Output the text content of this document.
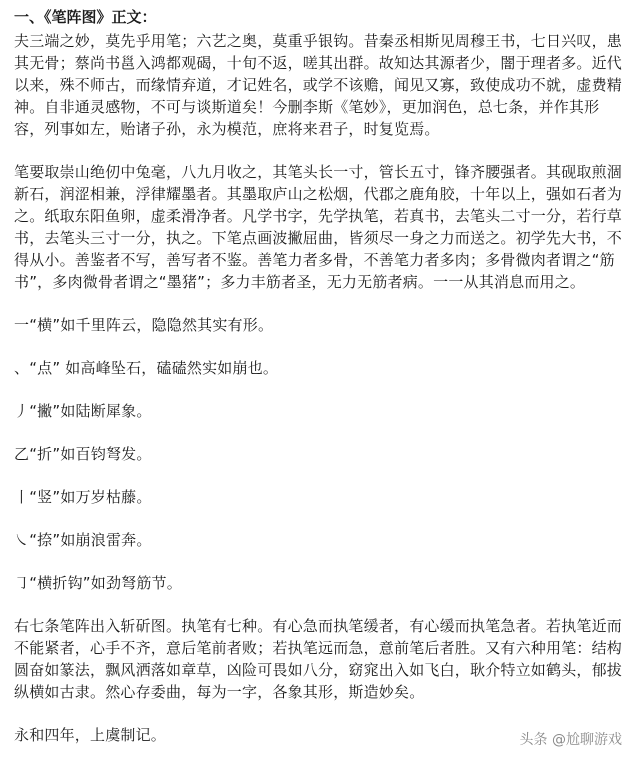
一、《笔阵图》正文：

夫三端之妙，莫先乎用笔；六艺之奥，莫重乎银钩。昔秦丞相斯见周穆王书，七日兴叹，患其无骨；蔡尚书邕入鸿都观碣，十旬不返，嗟其出群。故知达其源者少，闇于理者多。近代以来，殊不师古，而缘情弃道，才记姓名，或学不该赡，闻见又寡，致使成功不就，虚费精神。自非通灵感物，不可与谈斯道矣！今删李斯《笔妙》，更加润色，总七条，并作其形容，列事如左，贻诸子孙，永为模范，庶将来君子，时复览焉。

笔要取崇山绝仞中兔毫，八九月收之，其笔头长一寸，管长五寸，锋齐腰强者。其砚取煎涸新石，润涩相兼，浮律耀墨者。其墨取庐山之松烟，代郡之鹿角胶，十年以上，强如石者为之。纸取东阳鱼卵，虚柔滑净者。凡学书字，先学执笔，若真书，去笔头二寸一分，若行草书，去笔头三寸一分，执之。下笔点画波撇屈曲，皆须尽一身之力而送之。初学先大书，不得从小。善鉴者不写，善写者不鉴。善笔力者多骨，不善笔力者多肉；多骨微肉者谓之“筋书”，多肉微骨者谓之“墨猪”；多力丰筋者圣，无力无筋者病。一一从其消息而用之。

一“横”如千里阵云，隐隐然其实有形。

、“点” 如高峰坠石，磕磕然实如崩也。

丿“撇”如陆断犀象。

乙“折”如百钧弩发。

丨“竖”如万岁枯藤。

㇏“捺”如崩浪雷奔。

㇆“横折钩”如劲弩筋节。

右七条笔阵出入斩斫图。执笔有七种。有心急而执笔缓者，有心缓而执笔急者。若执笔近而不能紧者，心手不齐，意后笔前者败；若执笔远而急，意前笔后者胜。又有六种用笔：结构圆奋如篆法，飘风洒落如章草，凶险可畏如八分，窈窕出入如飞白，耿介特立如鹤头，郁拔纵横如古隶。然心存委曲，每为一字，各象其形，斯造妙矣。

永和四年，上虞制记。	头条 @尬聊游戏
